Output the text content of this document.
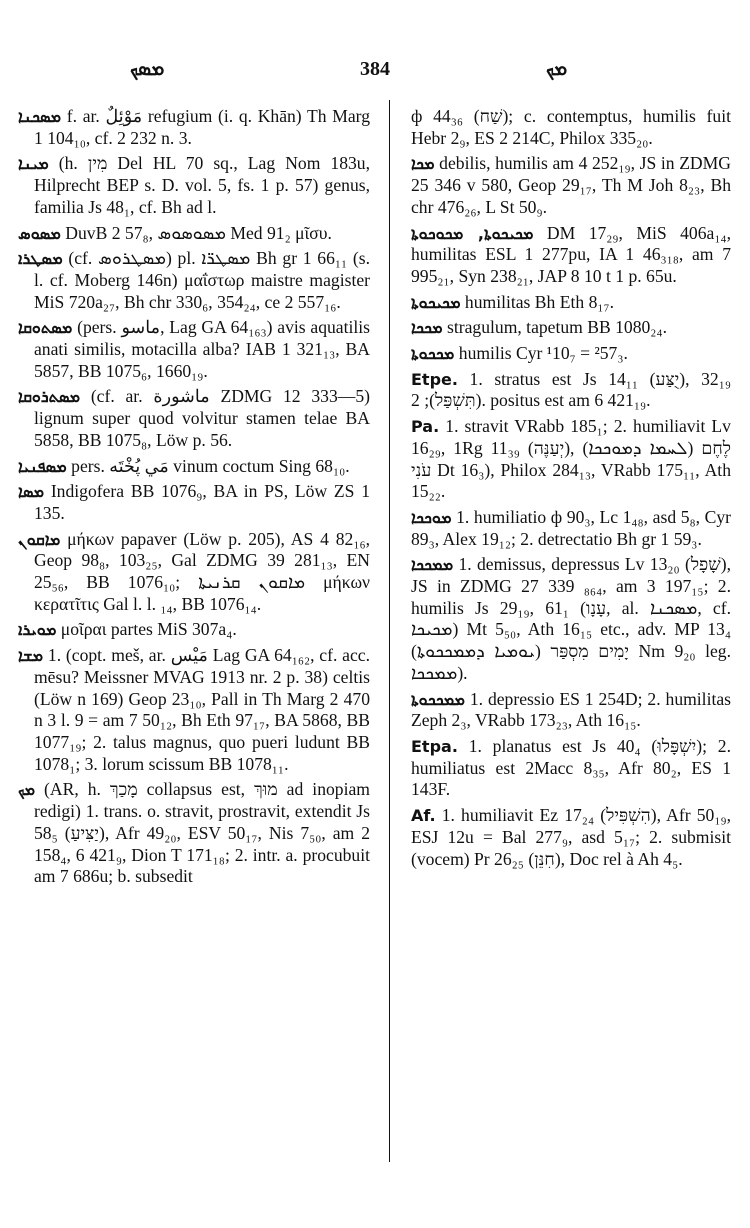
ܡܣܟ	384	ܡܟ

ܡܣܟܢܐ f. ar. مَوْئِلٌ refugium (i. q. Khān) Th Marg 1 104₁₀, cf. 2 232 n. 3.

ܡܝܢܐ (h. מִין Del HL 70 sq., Lag Nom 183u, Hilprecht BEP s. D. vol. 5, fs. 1 p. 57) genus, familia Js 48₁, cf. Bh ad l.

ܡܣܘܣ DuvB 2 57₈, ܡܣܘܣܘܣ Med 91₂ μῖσυ.

ܡܣܛܪܐ (cf. ܡܣܛܪܘܣ) pl. ܡܣܛܪ̈ܐ Bh gr 1 66₁₁ (s. l. cf. Moberg 146n) μαΐστωρ maistre magister MiS 720a₂₇, Bh chr 330₆, 354₂₄, ce 2 557₁₆.

ܡܣܬܘܩܐ (pers. ماسو, Lag GA 64₁₆₃) avis aquatilis anati similis, motacilla alba? IAB 1 321₁₃, BA 5857, BB 1075₆, 1660₁₉.

ܡܣܬܪܘܩܐ (cf. ar. ماشورة ZDMG 12 333—5) lignum super quod volvitur stamen telae BA 5858, BB 1075₈, Löw p. 56.

ܡܣܦܢܝܐ pers. مَي پُخْتَه vinum coctum Sing 68₁₀.

ܡܣܐ Indigofera BB 1076₉, BA in PS, Löw ZS 1 135.

ܡܐܩܘܢ μήκων papaver (Löw p. 205), AS 4 82₁₆, Geop 98₈, 103₂₅, Gal ZDMG 39 281₁₃, EN 25₅₆, BB 1076₁₀; ܡܐܩܘܢ ܩܪܢܝܬܐ μήκων κερατῖτις Gal l. l. ₁₄, BB 1076₁₄.

ܡܘܝܪܐ μοῖραι partes MiS 307a₄.

ܡܫܐ 1. (copt. meš, ar. مَيْس Lag GA 64₁₆₂, cf. acc. mēsu? Meissner MVAG 1913 nr. 2 p. 38) celtis (Löw n 169) Geop 23₁₀, Pall in Th Marg 2 470 n 3 l. 9 = am 7 50₁₂, Bh Eth 97₁₇, BA 5868, BB 1077₁₉; 2. talus magnus, quo pueri ludunt BB 1078₁; 3. lorum scissum BB 1078₁₁.

ܡܟ (AR, h. מָכַךְ collapsus est, מוּךְ ad inopiam redigi) 1. trans. o. stravit, prostravit, extendit Js 58₅ (יַצִּיעַ), Afr 49₂₀, ESV 50₁₇, Nis 7₅₀, am 2 158₄, 6 421₉, Dion T 171₁₈; 2. intr. a. procubuit am 7 686u; b. subsedit

ф 44₃₆ (שַׁח); c. contemptus, humilis fuit Hebr 2₉, ES 2 214C, Philox 335₂₀.

ܡܟܐ debilis, humilis am 4 252₁₉, JS in ZDMG 25 346 v 580, Geop 29₁₇, Th M Joh 8₂₃, Bh chr 476₂₆, L St 50₉.

ܡܟܝܟܘܬܐ, ܡܟܘܟܘܬܐ DM 17₂₉, MiS 406a₁₄, humilitas ESL 1 277pu, IA 1 46₃₁₈, am 7 995₂₁, Syn 238₂₁, JAP 8 10 t 1 p. 65u.

ܡܟܝܟܘܬܐ humilitas Bh Eth 8₁₇.

ܡܟܟܐ stragulum, tapetum BB 1080₂₄.

ܡܟܟܘܬܐ humilis Cyr ¹10₇ = ²57₃.

Etpe. 1. stratus est Js 14₁₁ (יֻצַּע), 32₁₉ (תִּשְׁפַּל); 2. positus est am 6 421₁₉.

Pa. 1. stravit VRabb 185₁; 2. humiliavit Lv 16₂₉, 1Rg 11₃₉ (יְעַנֶּה), (ܠܚܡܐ ܕܡܘܟܟܐ) לֶחֶם עֹנִי Dt 16₃), Philox 284₁₃, VRabb 175₁₁, Ath 15₂₂.

ܡܘܟܟܐ 1. humiliatio ф 90₃, Lc 1₄₈, asd 5₈, Cyr 89₃, Alex 19₁₂; 2. detrectatio Bh gr 1 59₃.

ܡܡܟܟܐ 1. demissus, depressus Lv 13₂₀ (שָׁפָל), JS in ZDMG 27 339 ₈₆₄, am 3 197₁₅; 2. humilis Js 29₁₉, 61₁ (עָנָו, al. ܡܣܟܢܐ, cf. ܡܟܝܟܐ) Mt 5₅₀, Ath 16₁₅ etc., adv. MP 13₄ (ܝܘܡܝܐ ܕܡܡܟܟܘܬܐ) יָמִים מִסְפַּר Nm 9₂₀ leg. ܡܡܟܟܐ).

ܡܡܟܟܘܬܐ 1. depressio ES 1 254D; 2. humilitas Zeph 2₃, VRabb 173₂₃, Ath 16₁₅.

Etpa. 1. planatus est Js 40₄ (יִשְׁפָּלוּ); 2. humiliatus est 2Macc 8₃₅, Afr 80₂, ES 1 143F.

Af. 1. humiliavit Ez 17₂₄ (הִשְׁפִּיל), Afr 50₁₉, ESJ 12u = Bal 277₉, asd 5₁₇; 2. submisit (vocem) Pr 26₂₅ (חִנֵּן), Doc rel à Ah 4₅.
